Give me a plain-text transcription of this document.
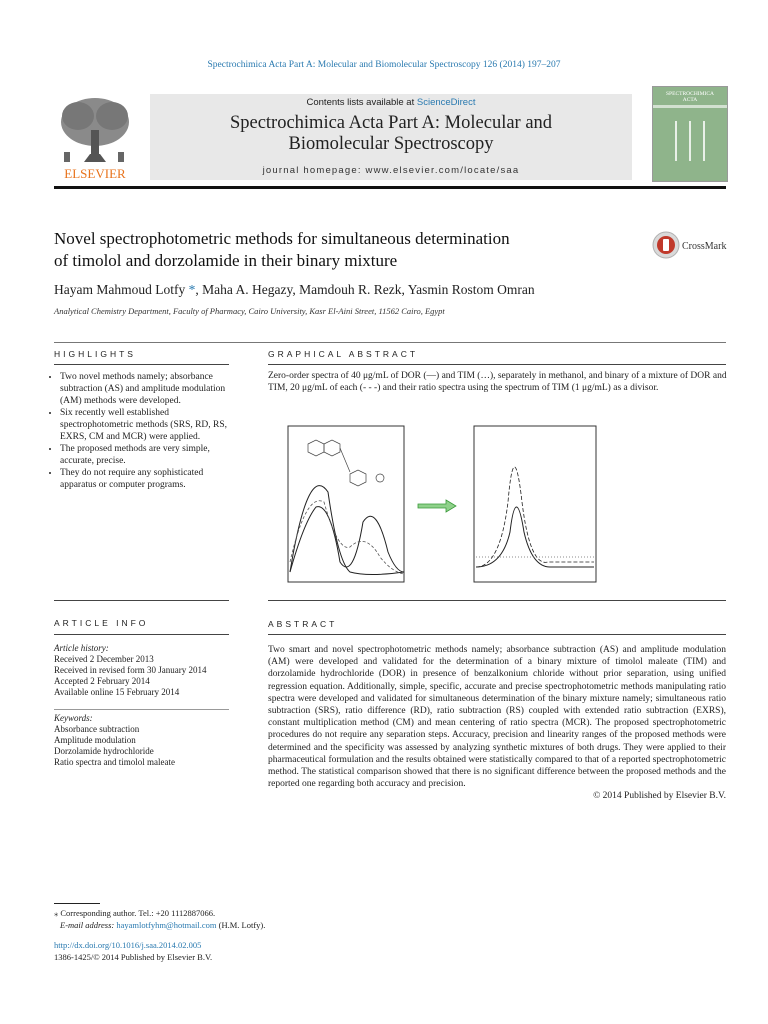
Spectrochimica Acta Part A: Molecular and Biomolecular Spectroscopy 126 (2014) 197–207
ELSEVIER
Contents lists available at ScienceDirect
Spectrochimica Acta Part A: Molecular and
Biomolecular Spectroscopy
journal homepage: www.elsevier.com/locate/saa
SPECTROCHIMICA
ACTA
Novel spectrophotometric methods for simultaneous determination
of timolol and dorzolamide in their binary mixture
CrossMark
Hayam Mahmoud Lotfy *, Maha A. Hegazy, Mamdouh R. Rezk, Yasmin Rostom Omran
Analytical Chemistry Department, Faculty of Pharmacy, Cairo University, Kasr El-Aini Street, 11562 Cairo, Egypt
HIGHLIGHTS
• Two novel methods namely; absorbance subtraction (AS) and amplitude modulation (AM) methods were developed.
• Six recently well established spectrophotometric methods (SRS, RD, RS, EXRS, CM and MCR) were applied.
• The proposed methods are very simple, accurate, precise.
• They do not require any sophisticated apparatus or computer programs.
GRAPHICAL ABSTRACT
Zero-order spectra of 40 μg/mL of DOR (—) and TIM (…), separately in methanol, and binary of a mixture of DOR and TIM, 20 μg/mL of each (- - -) and their ratio spectra using the spectrum of TIM (1 μg/mL) as a divisor.
ARTICLE INFO
Article history:
Received 2 December 2013
Received in revised form 30 January 2014
Accepted 2 February 2014
Available online 15 February 2014
Keywords:
Absorbance subtraction
Amplitude modulation
Dorzolamide hydrochloride
Ratio spectra and timolol maleate
ABSTRACT
Two smart and novel spectrophotometric methods namely; absorbance subtraction (AS) and amplitude modulation (AM) were developed and validated for the determination of a binary mixture of timolol maleate (TIM) and dorzolamide hydrochloride (DOR) in presence of benzalkonium chloride without prior separation, using unified regression equation. Additionally, simple, specific, accurate and precise spectrophotometric methods manipulating ratio spectra were developed and validated for simultaneous determination of the binary mixture namely; simultaneous ratio subtraction (SRS), ratio difference (RD), ratio subtraction (RS) coupled with extended ratio subtraction (EXRS), constant multiplication method (CM) and mean centering of ratio spectra (MCR). The proposed spectrophotometric procedures do not require any separation steps. Accuracy, precision and linearity ranges of the proposed methods were determined and the specificity was assessed by analyzing synthetic mixtures of both drugs. They were applied to their pharmaceutical formulation and the results obtained were statistically compared to that of a reported spectrophotometric method. The statistical comparison showed that there is no significant difference between the proposed methods and the reported one regarding both accuracy and precision.
© 2014 Published by Elsevier B.V.
⁎ Corresponding author. Tel.: +20 1112887066.
E-mail address: hayamlotfyhm@hotmail.com (H.M. Lotfy).
http://dx.doi.org/10.1016/j.saa.2014.02.005
1386-1425/© 2014 Published by Elsevier B.V.
